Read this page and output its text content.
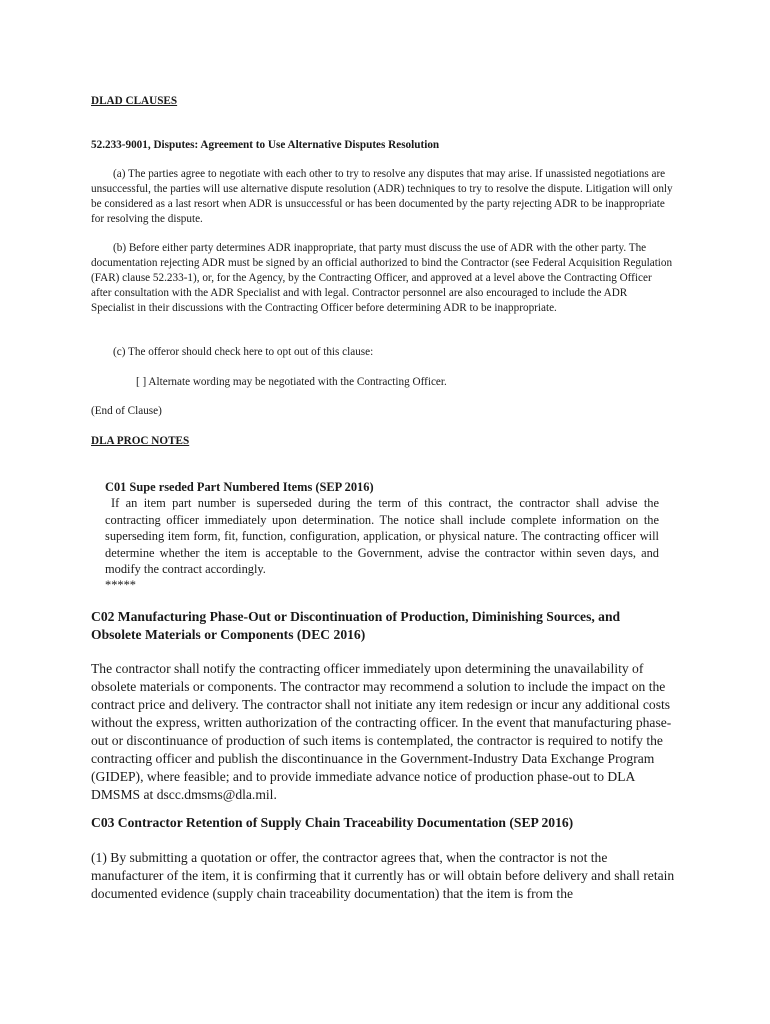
DLAD CLAUSES
52.233-9001, Disputes: Agreement to Use Alternative Disputes Resolution

(a) The parties agree to negotiate with each other to try to resolve any disputes that may arise. If unassisted negotiations are unsuccessful, the parties will use alternative dispute resolution (ADR) techniques to try to resolve the dispute. Litigation will only be considered as a last resort when ADR is unsuccessful or has been documented by the party rejecting ADR to be inappropriate for resolving the dispute.

(b) Before either party determines ADR inappropriate, that party must discuss the use of ADR with the other party. The documentation rejecting ADR must be signed by an official authorized to bind the Contractor (see Federal Acquisition Regulation (FAR) clause 52.233-1), or, for the Agency, by the Contracting Officer, and approved at a level above the Contracting Officer after consultation with the ADR Specialist and with legal. Contractor personnel are also encouraged to include the ADR Specialist in their discussions with the Contracting Officer before determining ADR to be inappropriate.

(c) The offeror should check here to opt out of this clause:

[ ] Alternate wording may be negotiated with the Contracting Officer.

(End of Clause)

DLA PROC NOTES
C01 Supe rseded Part Numbered Items (SEP 2016)

If an item part number is superseded during the term of this contract, the contractor shall advise the contracting officer immediately upon determination. The notice shall include complete information on the superseding item form, fit, function, configuration, application, or physical nature. The contracting officer will determine whether the item is acceptable to the Government, advise the contractor within seven days, and modify the contract accordingly.

*****

C02 Manufacturing Phase-Out or Discontinuation of Production, Diminishing Sources, and Obsolete Materials or Components (DEC 2016)

The contractor shall notify the contracting officer immediately upon determining the unavailability of obsolete materials or components. The contractor may recommend a solution to include the impact on the contract price and delivery. The contractor shall not initiate any item redesign or incur any additional costs without the express, written authorization of the contracting officer. In the event that manufacturing phase-out or discontinuance of production of such items is contemplated, the contractor is required to notify the contracting officer and publish the discontinuance in the Government-Industry Data Exchange Program (GIDEP), where feasible; and to provide immediate advance notice of production phase-out to DLA DMSMS at dscc.dmsms@dla.mil.

C03 Contractor Retention of Supply Chain Traceability Documentation (SEP 2016)

(1) By submitting a quotation or offer, the contractor agrees that, when the contractor is not the manufacturer of the item, it is confirming that it currently has or will obtain before delivery and shall retain documented evidence (supply chain traceability documentation) that the item is from the
